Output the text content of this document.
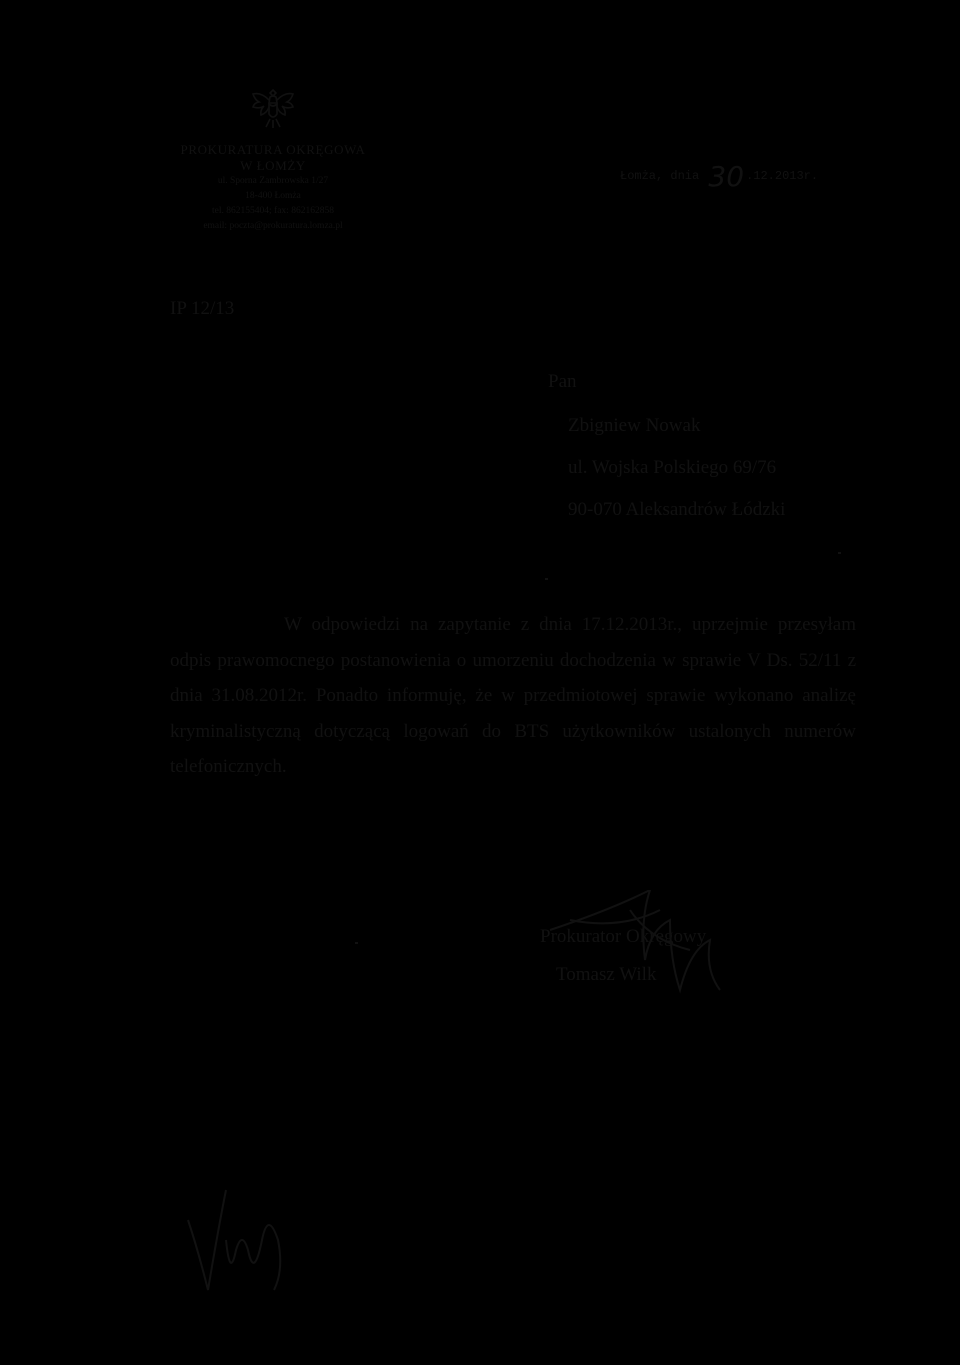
PROKURATURA OKRĘGOWA
W ŁOMŻY
ul. Sporna Zambrowska 1/27
18-400 Łomża
tel. 862155404; fax: 862162858
email: poczta@prokuratura.lomza.pl
Łomża, dnia 30 .12.2013r.
IP 12/13
Pan
Zbigniew Nowak
ul. Wojska Polskiego 69/76
90-070 Aleksandrów Łódzki
W odpowiedzi na zapytanie z dnia 17.12.2013r., uprzejmie przesyłam odpis prawomocnego postanowienia o umorzeniu dochodzenia w sprawie V Ds. 52/11 z dnia 31.08.2012r. Ponadto informuję, że w przedmiotowej sprawie wykonano analizę kryminalistyczną dotyczącą logowań do BTS użytkowników ustalonych numerów telefonicznych.
Prokurator Okręgowy
Tomasz Wilk
